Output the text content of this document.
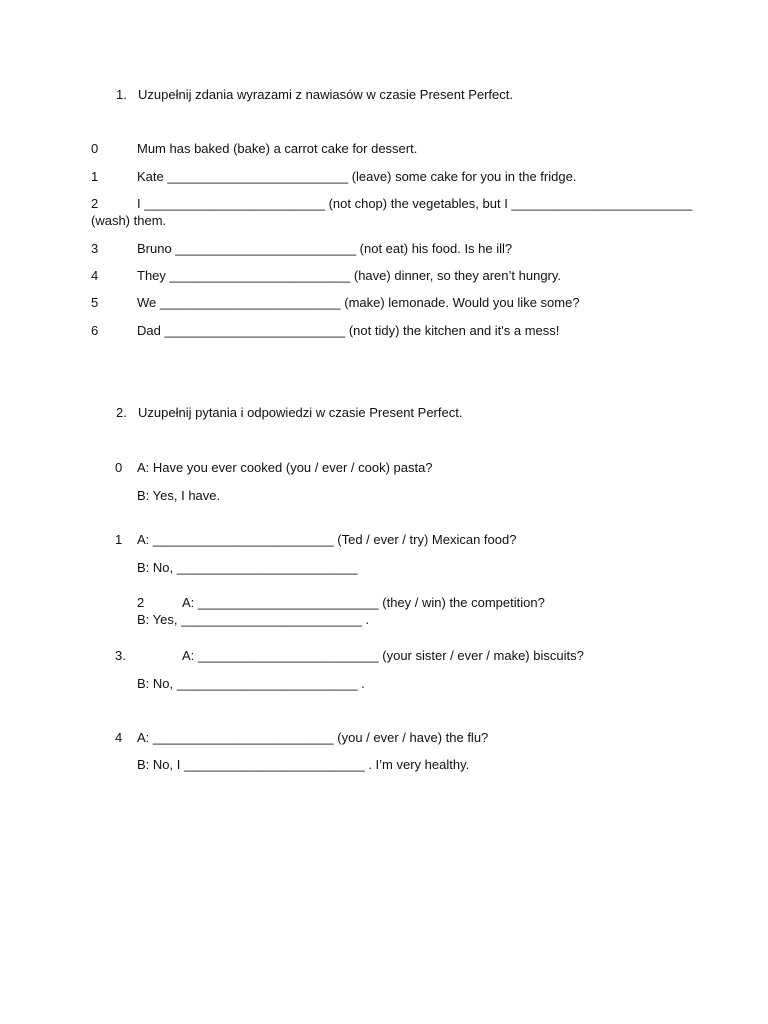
1. Uzupełnij zdania wyrazami z nawiasów w czasie Present Perfect.
0	Mum has baked (bake) a carrot cake for dessert.
1	Kate _________________________ (leave) some cake for you in the fridge.
2	I _________________________ (not chop) the vegetables, but I _________________________
(wash) them.
3	Bruno _________________________ (not eat) his food. Is he ill?
4	They _________________________ (have) dinner, so they aren’t hungry.
5	We _________________________ (make) lemonade. Would you like some?
6	Dad _________________________ (not tidy) the kitchen and it's a mess!
2. Uzupełnij pytania i odpowiedzi w czasie Present Perfect.
0 A: Have you ever cooked (you / ever / cook) pasta?
B: Yes, I have.
1 A: _________________________ (Ted / ever / try) Mexican food?
B: No, _________________________
2	A: _________________________ (they / win) the competition?
B: Yes, _________________________ .
3.	A: _________________________ (your sister / ever / make) biscuits?
B: No, _________________________ .
4 A: _________________________ (you / ever / have) the flu?
B: No, I _________________________ . I’m very healthy.
